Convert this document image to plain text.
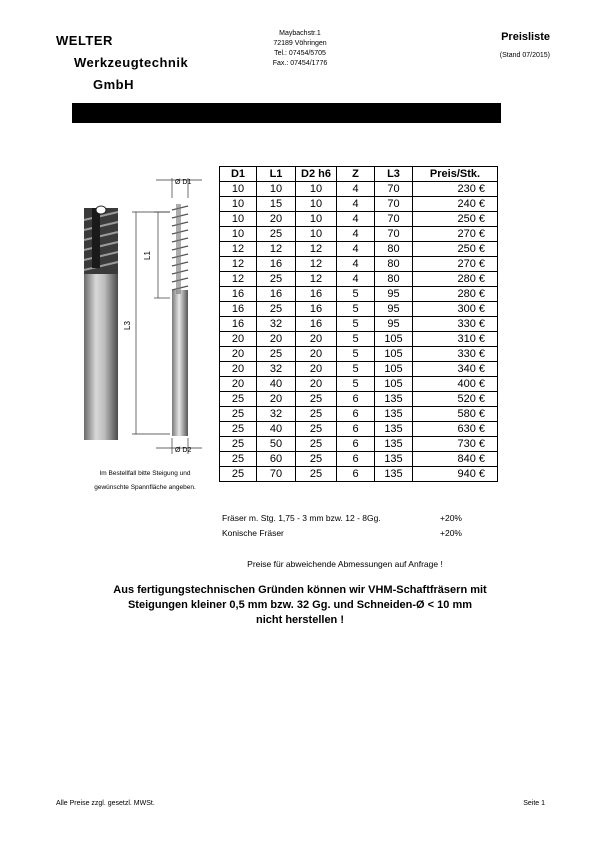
WELTER
Werkzeugtechnik
GmbH
Maybachstr.1
72189 Vöhringen
Tel.: 07454/5705
Fax.: 07454/1776
Preisliste
(Stand 07/2015)
Ø D1
Ø D2
L1
L3
Im Bestellfall bitte Steigung und
gewünschte Spannfläche angeben.
D1	L1	D2 h6	Z	L3	Preis/Stk.
10	10	10	4	70	230 €
10	15	10	4	70	240 €
10	20	10	4	70	250 €
10	25	10	4	70	270 €
12	12	12	4	80	250 €
12	16	12	4	80	270 €
12	25	12	4	80	280 €
16	16	16	5	95	280 €
16	25	16	5	95	300 €
16	32	16	5	95	330 €
20	20	20	5	105	310 €
20	25	20	5	105	330 €
20	32	20	5	105	340 €
20	40	20	5	105	400 €
25	20	25	6	135	520 €
25	32	25	6	135	580 €
25	40	25	6	135	630 €
25	50	25	6	135	730 €
25	60	25	6	135	840 €
25	70	25	6	135	940 €
Fräser m. Stg. 1,75 - 3 mm bzw. 12 - 8Gg.	+20%
Konische Fräser	+20%
Preise für abweichende Abmessungen auf Anfrage !
Aus fertigungstechnischen Gründen können wir VHM-Schaftfräsern mit
Steigungen kleiner 0,5 mm bzw. 32 Gg. und Schneiden-Ø < 10 mm
nicht herstellen !
Alle Preise zzgl. gesetzl. MWSt.	Seite 1
